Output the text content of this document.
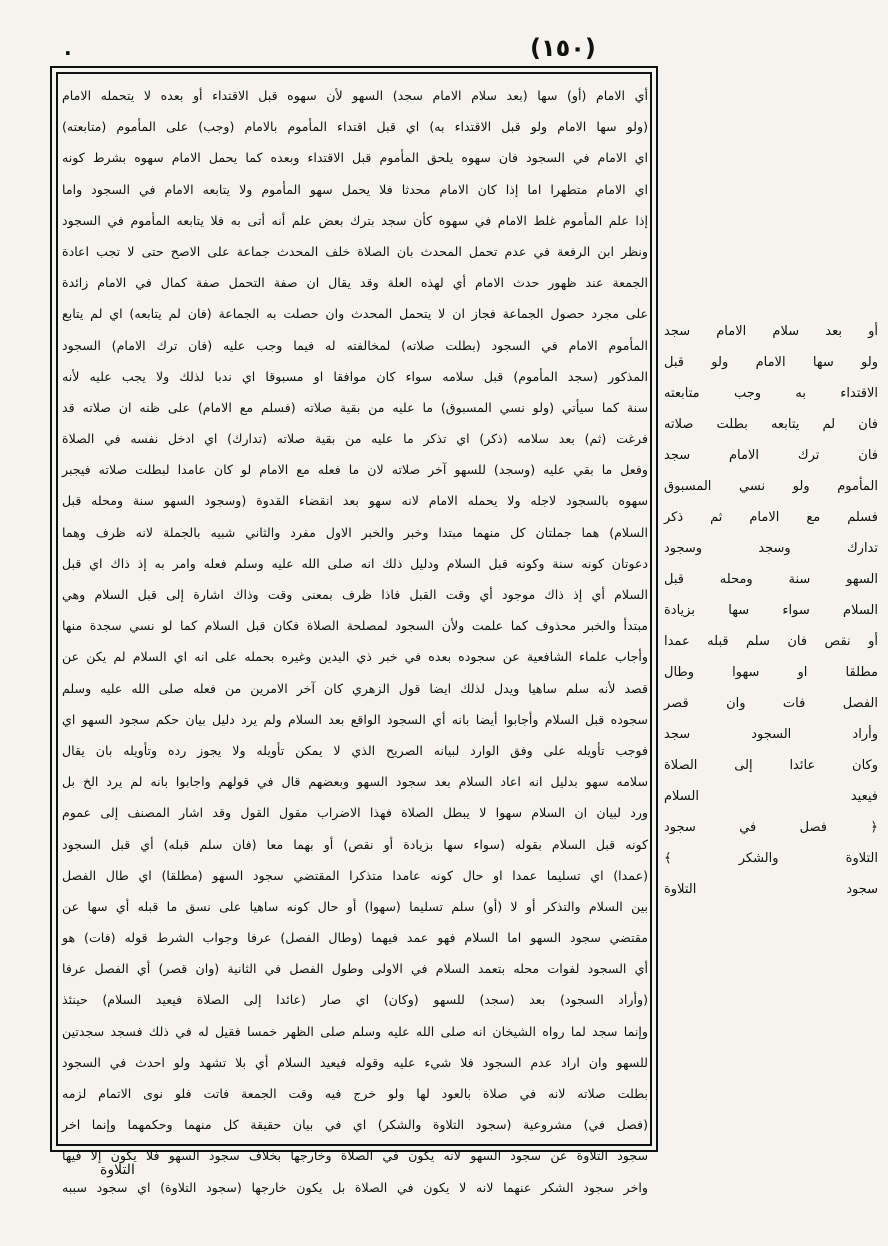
.	(١٥٠)
أي الامام (أو) سها (بعد سلام الامام سجد) السهو لأن سهوه قبل الاقتداء أو بعده لا يتحمله الامام
(ولو سها الامام ولو قبل الاقتداء به) اي قبل اقتداء المأموم بالامام (وجب) على المأموم (متابعته)
اي الامام في السجود فان سهوه يلحق المأموم قبل الاقتداء وبعده كما يحمل الامام سهوه بشرط كونه
اي الامام متطهرا اما إذا كان الامام محدثا فلا يحمل سهو المأموم ولا يتابعه الامام في السجود واما
إذا علم المأموم غلط الامام في سهوه كأن سجد بترك بعض علم أنه أتى به فلا يتابعه المأموم في السجود
ونظر ابن الرفعة في عدم تحمل المحدث بان الصلاة خلف المحدث جماعة على الاصح حتى لا تجب اعادة
الجمعة عند ظهور حدث الامام أي لهذه العلة وقد يقال ان صفة التحمل صفة كمال في الامام زائدة
على مجرد حصول الجماعة فجاز ان لا يتحمل المحدث وان حصلت به الجماعة (فان لم يتابعه) اي لم يتابع
المأموم الامام في السجود (بطلت صلاته) لمخالفته له فيما وجب عليه (فان ترك الامام) السجود
المذكور (سجد المأموم) قبل سلامه سواء كان موافقا او مسبوقا اي ندبا لذلك ولا يجب عليه لأنه
سنة كما سيأتي (ولو نسي المسبوق) ما عليه من بقية صلاته (فسلم مع الامام) على ظنه ان صلاته قد
فرغت (ثم) بعد سلامه (ذكر) اي تذكر ما عليه من بقية صلاته (تدارك) اي ادخل نفسه في الصلاة
وفعل ما بقي عليه (وسجد) للسهو آخر صلاته لان ما فعله مع الامام لو كان عامدا لبطلت صلاته فيجبر
سهوه بالسجود لاجله ولا يحمله الامام لانه سهو بعد انقضاء القدوة (وسجود السهو سنة ومحله قبل
السلام) هما جملتان كل منهما مبتدا وخبر والخبر الاول مفرد والثاني شبيه بالجملة لانه ظرف وهما
دعوتان كونه سنة وكونه قبل السلام ودليل ذلك انه صلى الله عليه وسلم فعله وامر به إذ ذاك اي قبل
السلام أي إذ ذاك موجود أي وقت القبل فاذا ظرف بمعنى وقت وذاك اشارة إلى قبل السلام وهي
مبتدأ والخبر محذوف كما علمت ولأن السجود لمصلحة الصلاة فكان قبل السلام كما لو نسي سجدة منها
وأجاب علماء الشافعية عن سجوده بعده في خبر ذي اليدين وغيره بحمله على انه اي السلام لم يكن عن
قصد لأنه سلم ساهيا ويدل لذلك ايضا قول الزهري كان آخر الامرين من فعله صلى الله عليه وسلم
سجوده قبل السلام وأجابوا أيضا بانه أي السجود الواقع بعد السلام ولم يرد دليل بيان حكم سجود السهو اي
فوجب تأويله على وفق الوارد لبيانه الصريح الذي لا يمكن تأويله ولا يجوز رده وتأويله بان يقال
سلامه سهو بدليل انه اعاد السلام بعد سجود السهو وبعضهم قال في قولهم واجابوا بانه لم يرد الخ بل
ورد لبيان ان السلام سهوا لا يبطل الصلاة فهذا الاضراب مقول القول وقد اشار المصنف إلى عموم
كونه قبل السلام بقوله (سواء سها بزيادة أو نقص) أو بهما معا (فان سلم قبله) أي قبل السجود
(عمدا) اي تسليما عمدا او حال كونه عامدا متذكرا المقتضي سجود السهو (مطلقا) اي طال الفصل
بين السلام والتذكر أو لا (أو) سلم تسليما (سهوا) أو حال كونه ساهيا على نسق ما قبله أي سها عن
مقتضي سجود السهو اما السلام فهو عمد فيهما (وطال الفصل) عرفا وجواب الشرط قوله (فات) هو
أي السجود لفوات محله بتعمد السلام في الاولى وطول الفصل في الثانية (وان قصر) أي الفصل عرفا
(وأراد السجود) بعد (سجد) للسهو (وكان) اي صار (عائدا إلى الصلاة فيعيد السلام) حينئذ
وإنما سجد لما رواه الشيخان انه صلى الله عليه وسلم صلى الظهر خمسا فقيل له في ذلك فسجد سجدتين
للسهو وان اراد عدم السجود فلا شيء عليه وقوله فيعيد السلام أي بلا تشهد ولو احدث في السجود
بطلت صلاته لانه في صلاة بالعود لها ولو خرج فيه وقت الجمعة فاتت فلو نوى الاتمام لزمه
(فصل في) مشروعية (سجود التلاوة والشكر) اي في بيان حقيقة كل منهما وحكمهما وإنما اخر
سجود التلاوة عن سجود السهو لانه يكون في الصلاة وخارجها بخلاف سجود السهو فلا يكون إلا فيها
واخر سجود الشكر عنهما لانه لا يكون في الصلاة بل يكون خارجها (سجود التلاوة) اي سجود سببه
أو بعد سلام الامام سجد
ولو سها الامام ولو قبل
الاقتداء به وجب متابعته
فان لم يتابعه بطلت صلاته
فان ترك الامام سجد
المأموم ولو نسي المسبوق
فسلم مع الامام ثم ذكر
تدارك وسجد وسجود
السهو سنة ومحله قبل
السلام سواء سها بزيادة
أو نقص فان سلم قبله عمدا
مطلقا او سهوا وطال
الفصل فات وان قصر
وأراد السجود سجد
وكان عائدا إلى الصلاة
فيعيد السلام
﴿ فصل في سجود
التلاوة والشكر ﴾
سجود التلاوة
التلاوة
